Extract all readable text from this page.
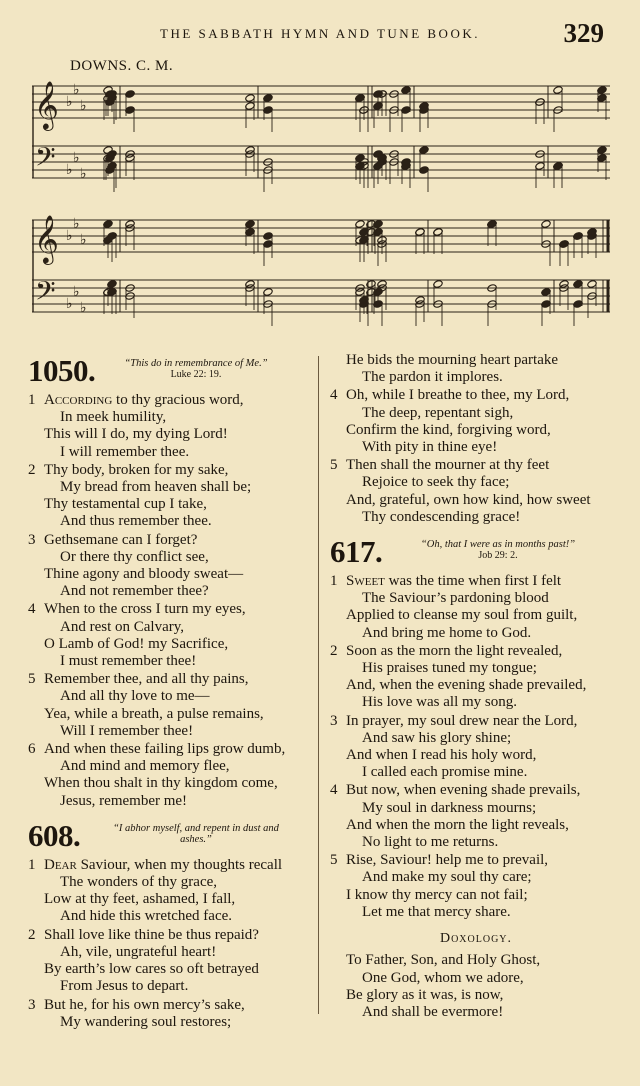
THE SABBATH HYMN AND TUNE BOOK.	329
DOWNS. C. M.
𝄞
𝄢
♭
♭
♭
♭
♭
♭
𝄞
𝄢
♭
♭
♭
♭
♭
♭
1050.	“This do in remembrance of Me.”
Luke 22: 19.
1 According to thy gracious word,
In meek humility,
This will I do, my dying Lord!
I will remember thee.
2 Thy body, broken for my sake,
My bread from heaven shall be;
Thy testamental cup I take,
And thus remember thee.
3 Gethsemane can I forget?
Or there thy conflict see,
Thine agony and bloody sweat—
And not remember thee?
4 When to the cross I turn my eyes,
And rest on Calvary,
O Lamb of God! my Sacrifice,
I must remember thee!
5 Remember thee, and all thy pains,
And all thy love to me—
Yea, while a breath, a pulse remains,
Will I remember thee!
6 And when these failing lips grow dumb,
And mind and memory flee,
When thou shalt in thy kingdom come,
Jesus, remember me!
608.	“I abhor myself, and repent in dust and ashes.”
1 Dear Saviour, when my thoughts recall
The wonders of thy grace,
Low at thy feet, ashamed, I fall,
And hide this wretched face.
2 Shall love like thine be thus repaid?
Ah, vile, ungrateful heart!
By earth’s low cares so oft betrayed
From Jesus to depart.
3 But he, for his own mercy’s sake,
My wandering soul restores;
He bids the mourning heart partake
The pardon it implores.
4 Oh, while I breathe to thee, my Lord,
The deep, repentant sigh,
Confirm the kind, forgiving word,
With pity in thine eye!
5 Then shall the mourner at thy feet
Rejoice to seek thy face;
And, grateful, own how kind, how sweet
Thy condescending grace!
617.	“Oh, that I were as in months past!”
Job 29: 2.
1 Sweet was the time when first I felt
The Saviour’s pardoning blood
Applied to cleanse my soul from guilt,
And bring me home to God.
2 Soon as the morn the light revealed,
His praises tuned my tongue;
And, when the evening shade prevailed,
His love was all my song.
3 In prayer, my soul drew near the Lord,
And saw his glory shine;
And when I read his holy word,
I called each promise mine.
4 But now, when evening shade prevails,
My soul in darkness mourns;
And when the morn the light reveals,
No light to me returns.
5 Rise, Saviour! help me to prevail,
And make my soul thy care;
I know thy mercy can not fail;
Let me that mercy share.
Doxology.
To Father, Son, and Holy Ghost,
One God, whom we adore,
Be glory as it was, is now,
And shall be evermore!
